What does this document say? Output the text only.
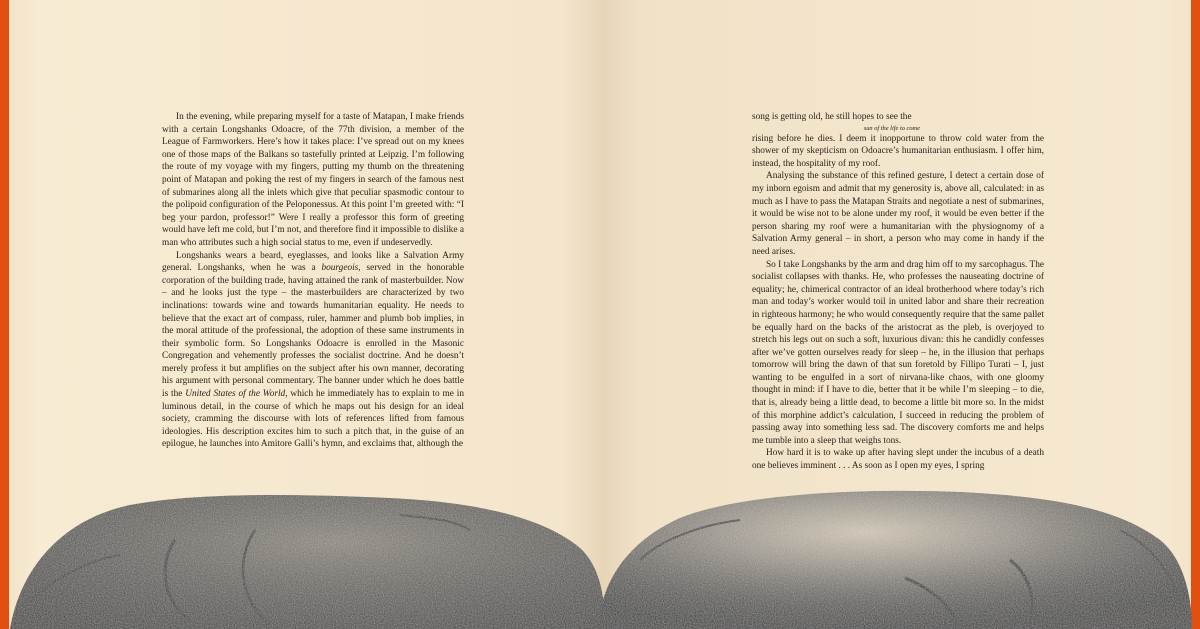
In the evening, while preparing myself for a taste of Matapan, I make friends with a certain Longshanks Odoacre, of the 77th division, a member of the League of Farmworkers. Here’s how it takes place: I’ve spread out on my knees one of those maps of the Balkans so tastefully printed at Leipzig. I’m following the route of my voyage with my fingers, putting my thumb on the threatening point of Matapan and poking the rest of my fingers in search of the famous nest of submarines along all the inlets which give that peculiar spasmodic contour to the polipoid configuration of the Peloponessus. At this point I’m greeted with: “I beg your pardon, professor!” Were I really a professor this form of greeting would have left me cold, but I’m not, and therefore find it impossible to dislike a man who attributes such a high social status to me, even if undeservedly.

Longshanks wears a beard, eyeglasses, and looks like a Salvation Army general. Longshanks, when he was a bourgeois, served in the honorable corporation of the building trade, having attained the rank of masterbuilder. Now – and he looks just the type – the masterbuilders are characterized by two inclinations: towards wine and towards humanitarian equality. He needs to believe that the exact art of compass, ruler, hammer and plumb bob implies, in the moral attitude of the professional, the adoption of these same instruments in their symbolic form. So Longshanks Odoacre is enrolled in the Masonic Congregation and vehemently professes the socialist doctrine. And he doesn’t merely profess it but amplifies on the subject after his own manner, decorating his argument with personal commentary. The banner under which he does battle is the United States of the World, which he immediately has to explain to me in luminous detail, in the course of which he maps out his design for an ideal society, cramming the discourse with lots of references lifted from famous ideologies. His description excites him to such a pitch that, in the guise of an epilogue, he launches into Amitore Galli’s hymn, and exclaims that, although the

song is getting old, he still hopes to see the

sun of the life to come

rising before he dies. I deem it inopportune to throw cold water from the shower of my skepticism on Odoacre’s humanitarian enthusiasm. I offer him, instead, the hospitality of my roof.

Analysing the substance of this refined gesture, I detect a certain dose of my inborn egoism and admit that my generosity is, above all, calculated: in as much as I have to pass the Matapan Straits and negotiate a nest of submarines, it would be wise not to be alone under my roof, it would be even better if the person sharing my roof were a humanitarian with the physiognomy of a Salvation Army general – in short, a person who may come in handy if the need arises.

So I take Longshanks by the arm and drag him off to my sarcophagus. The socialist collapses with thanks. He, who professes the nauseating doctrine of equality; he, chimerical contractor of an ideal brotherhood where today’s rich man and today’s worker would toil in united labor and share their recreation in righteous harmony; he who would consequently require that the same pallet be equally hard on the backs of the aristocrat as the pleb, is overjoyed to stretch his legs out on such a soft, luxurious divan: this he candidly confesses after we’ve gotten ourselves ready for sleep – he, in the illusion that perhaps tomorrow will bring the dawn of that sun foretold by Fillipo Turati – I, just wanting to be engulfed in a sort of nirvana-like chaos, with one gloomy thought in mind: if I have to die, better that it be while I’m sleeping – to die, that is, already being a little dead, to become a little bit more so. In the midst of this morphine addict’s calculation, I succeed in reducing the problem of passing away into something less sad. The discovery comforts me and helps me tumble into a sleep that weighs tons.

How hard it is to wake up after having slept under the incubus of a death one believes imminent . . . As soon as I open my eyes, I spring
